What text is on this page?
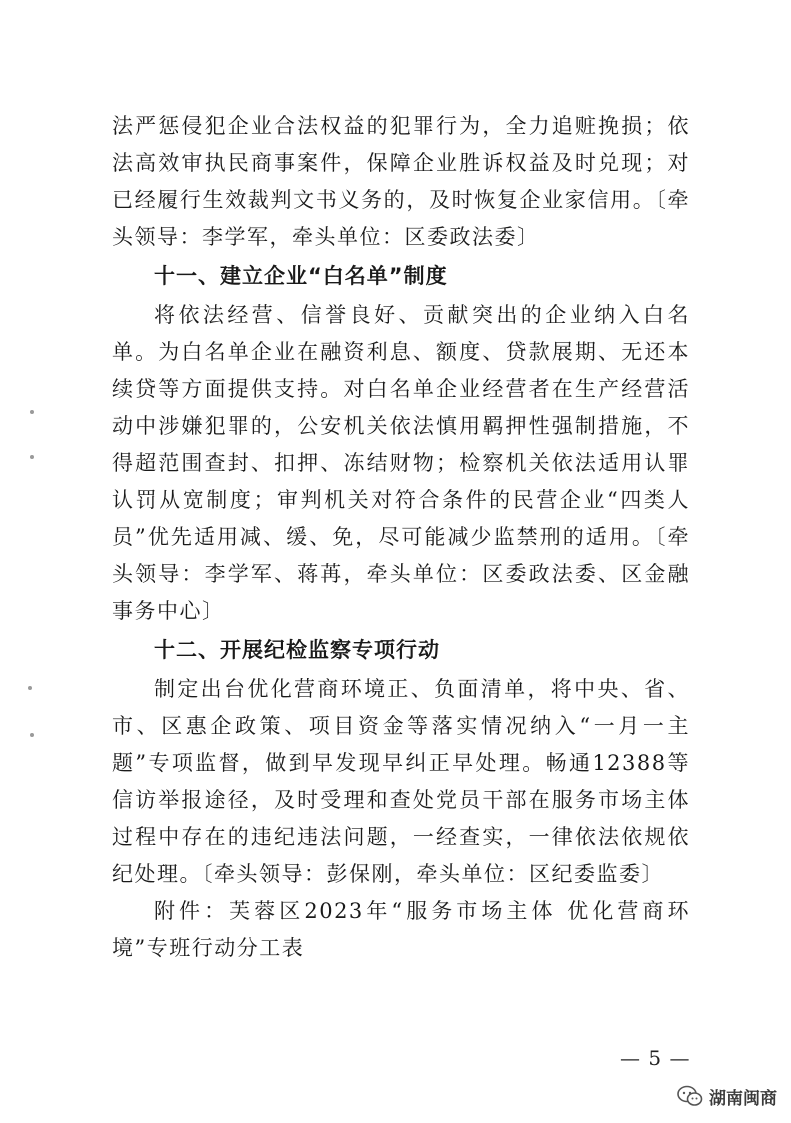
法严惩侵犯企业合法权益的犯罪行为，全力追赃挽损；依法高效审执民商事案件，保障企业胜诉权益及时兑现；对已经履行生效裁判文书义务的，及时恢复企业家信用。〔牵头领导：李学军，牵头单位：区委政法委〕

十一、建立企业“白名单”制度

将依法经营、信誉良好、贡献突出的企业纳入白名单。为白名单企业在融资利息、额度、贷款展期、无还本续贷等方面提供支持。对白名单企业经营者在生产经营活动中涉嫌犯罪的，公安机关依法慎用羁押性强制措施，不得超范围查封、扣押、冻结财物；检察机关依法适用认罪认罚从宽制度；审判机关对符合条件的民营企业“四类人员”优先适用减、缓、免，尽可能减少监禁刑的适用。〔牵头领导：李学军、蒋苒，牵头单位：区委政法委、区金融事务中心〕

十二、开展纪检监察专项行动

制定出台优化营商环境正、负面清单，将中央、省、市、区惠企政策、项目资金等落实情况纳入“一月一主题”专项监督，做到早发现早纠正早处理。畅通12388等信访举报途径，及时受理和查处党员干部在服务市场主体过程中存在的违纪违法问题，一经查实，一律依法依规依纪处理。〔牵头领导：彭保刚，牵头单位：区纪委监委〕

附件：芙蓉区2023年“服务市场主体 优化营商环境”专班行动分工表

— 5 —
湖南闽商
